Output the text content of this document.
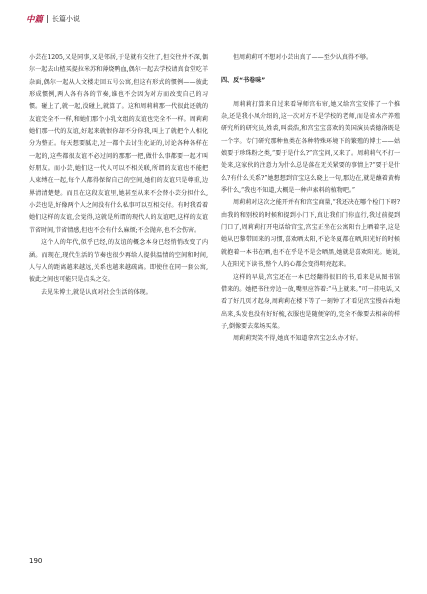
中篇 长篇小说

小芸在1205,又是同事,又是邻居,于是就有交往了,但交往并不深,偶尔一起去山楂买提拉米苏和薄烧鸭血,偶尔一起去学校请真食堂吃羊杂面,偶尔一起从人文楼走回五号公寓,但这有形式的惯例——彼此形成惯例,两人各有各的节奏,谁也不会因为对方而改变自己的习惯。碰上了,就一起,没碰上,就算了。这和周莉莉那一代很此还就的友谊完全不一样,和她们那个小乳文组的友谊也完全不一样。周莉莉她们那一代的友谊,好起来就恨你却不分你我,叫上了就把个人相化分为整正。每天想要腻走,过一都个去讨生化证的,讨论各种各样在一起的,这些都很友谊不必过问的那那一把,做什么事都要一起才叫好朋友。而小芸,她们这一代人可以不相关联,所谓的友谊也不能把人束缚在一起,每个人都得保留自己的空间,她们的友谊只是尊重,边界清清楚楚。而且在这段友谊里,她甚至从来不会替小芸分担什么,小芸也是,好像两个人之间没有什么私事可以互相交付。有时我看着她们这样的友谊,会觉得,这就是所谓的现代人的友谊吧,这样的友谊节省时间,节省情感,但也不会有什么麻烦;不会抛弃,也不会伤害。

这个人的年代,似乎已经,的友谊的概念本身已经悄悄改变了内涵。而现在,现代生活的节奏也很少再给人提供温情的空间和时间,人与人的距离越来越远,关系也越来越疏离。即使住在同一套公寓,彼此之间也可能只是点头之交。

去见朱博士,就是认真对社会生活的体现。

但周莉莉可不想对小芸出真了——至少认真得不够。

四、反“书卷味”

周莉莉打算来自过来看导师宫布帘,她又给宫宝安排了一个推杂,还是我小凤介绍的,这一次对方不是学校的老师,而是省水产养殖研究所的研究员,姓裘,叫裘浩,和宫宝宝喜欢的美国演员裘德洛既是一个字。专门研究那种鱼类在各种特殊环境下的繁殖的博士——姑娘要于珍珠粉之类,“要于是什么?”宫宝问,又来了。周莉莉气不打一处来,这家伙的注意力为什么总是落在无关紧要的事情上?“要于是什么?有什么关系?”她想想到宫宝这么晓上一句,那边在,就是蘸着黄梅季什么,“我也不知道,大概是一种声索料的植物吧。”

周莉莉对这次之能开并有和宫宝商量,“我还决在哪个检门下呀?由我的和别校的时候和提到小门下,真让我们门你直行,我过前提到门口了,周莉莉打开电话给宫宝,宫宝正坐在公寓阳台上晒着字,这是她从巴黎带回来的习惯,喜欢晒太阳,不论冬夏都在晒,阳光好的时候就抱着一本书在晒,也不在乎是不是会晒黑,她就是喜欢阳光。她说,人在阳光下读书,整个人的心都会变得明亮起来。

这样的早晨,宫宝还在一本已经翻得很旧的书,看来是从图书馆借来的。她把书往旁边一放,嘴里应答着:“马上就来。”可一挂电话,又看了好几页才起身,周莉莉在楼下等了一刻钟了才看见宫宝慢吞吞地出来,头发也没有好好梳,衣服也是随便穿的,完全不像要去相亲的样子,倒像要去菜场买菜。

周莉莉哭笑不得,她真不知道拿宫宝怎么办才好。

190
